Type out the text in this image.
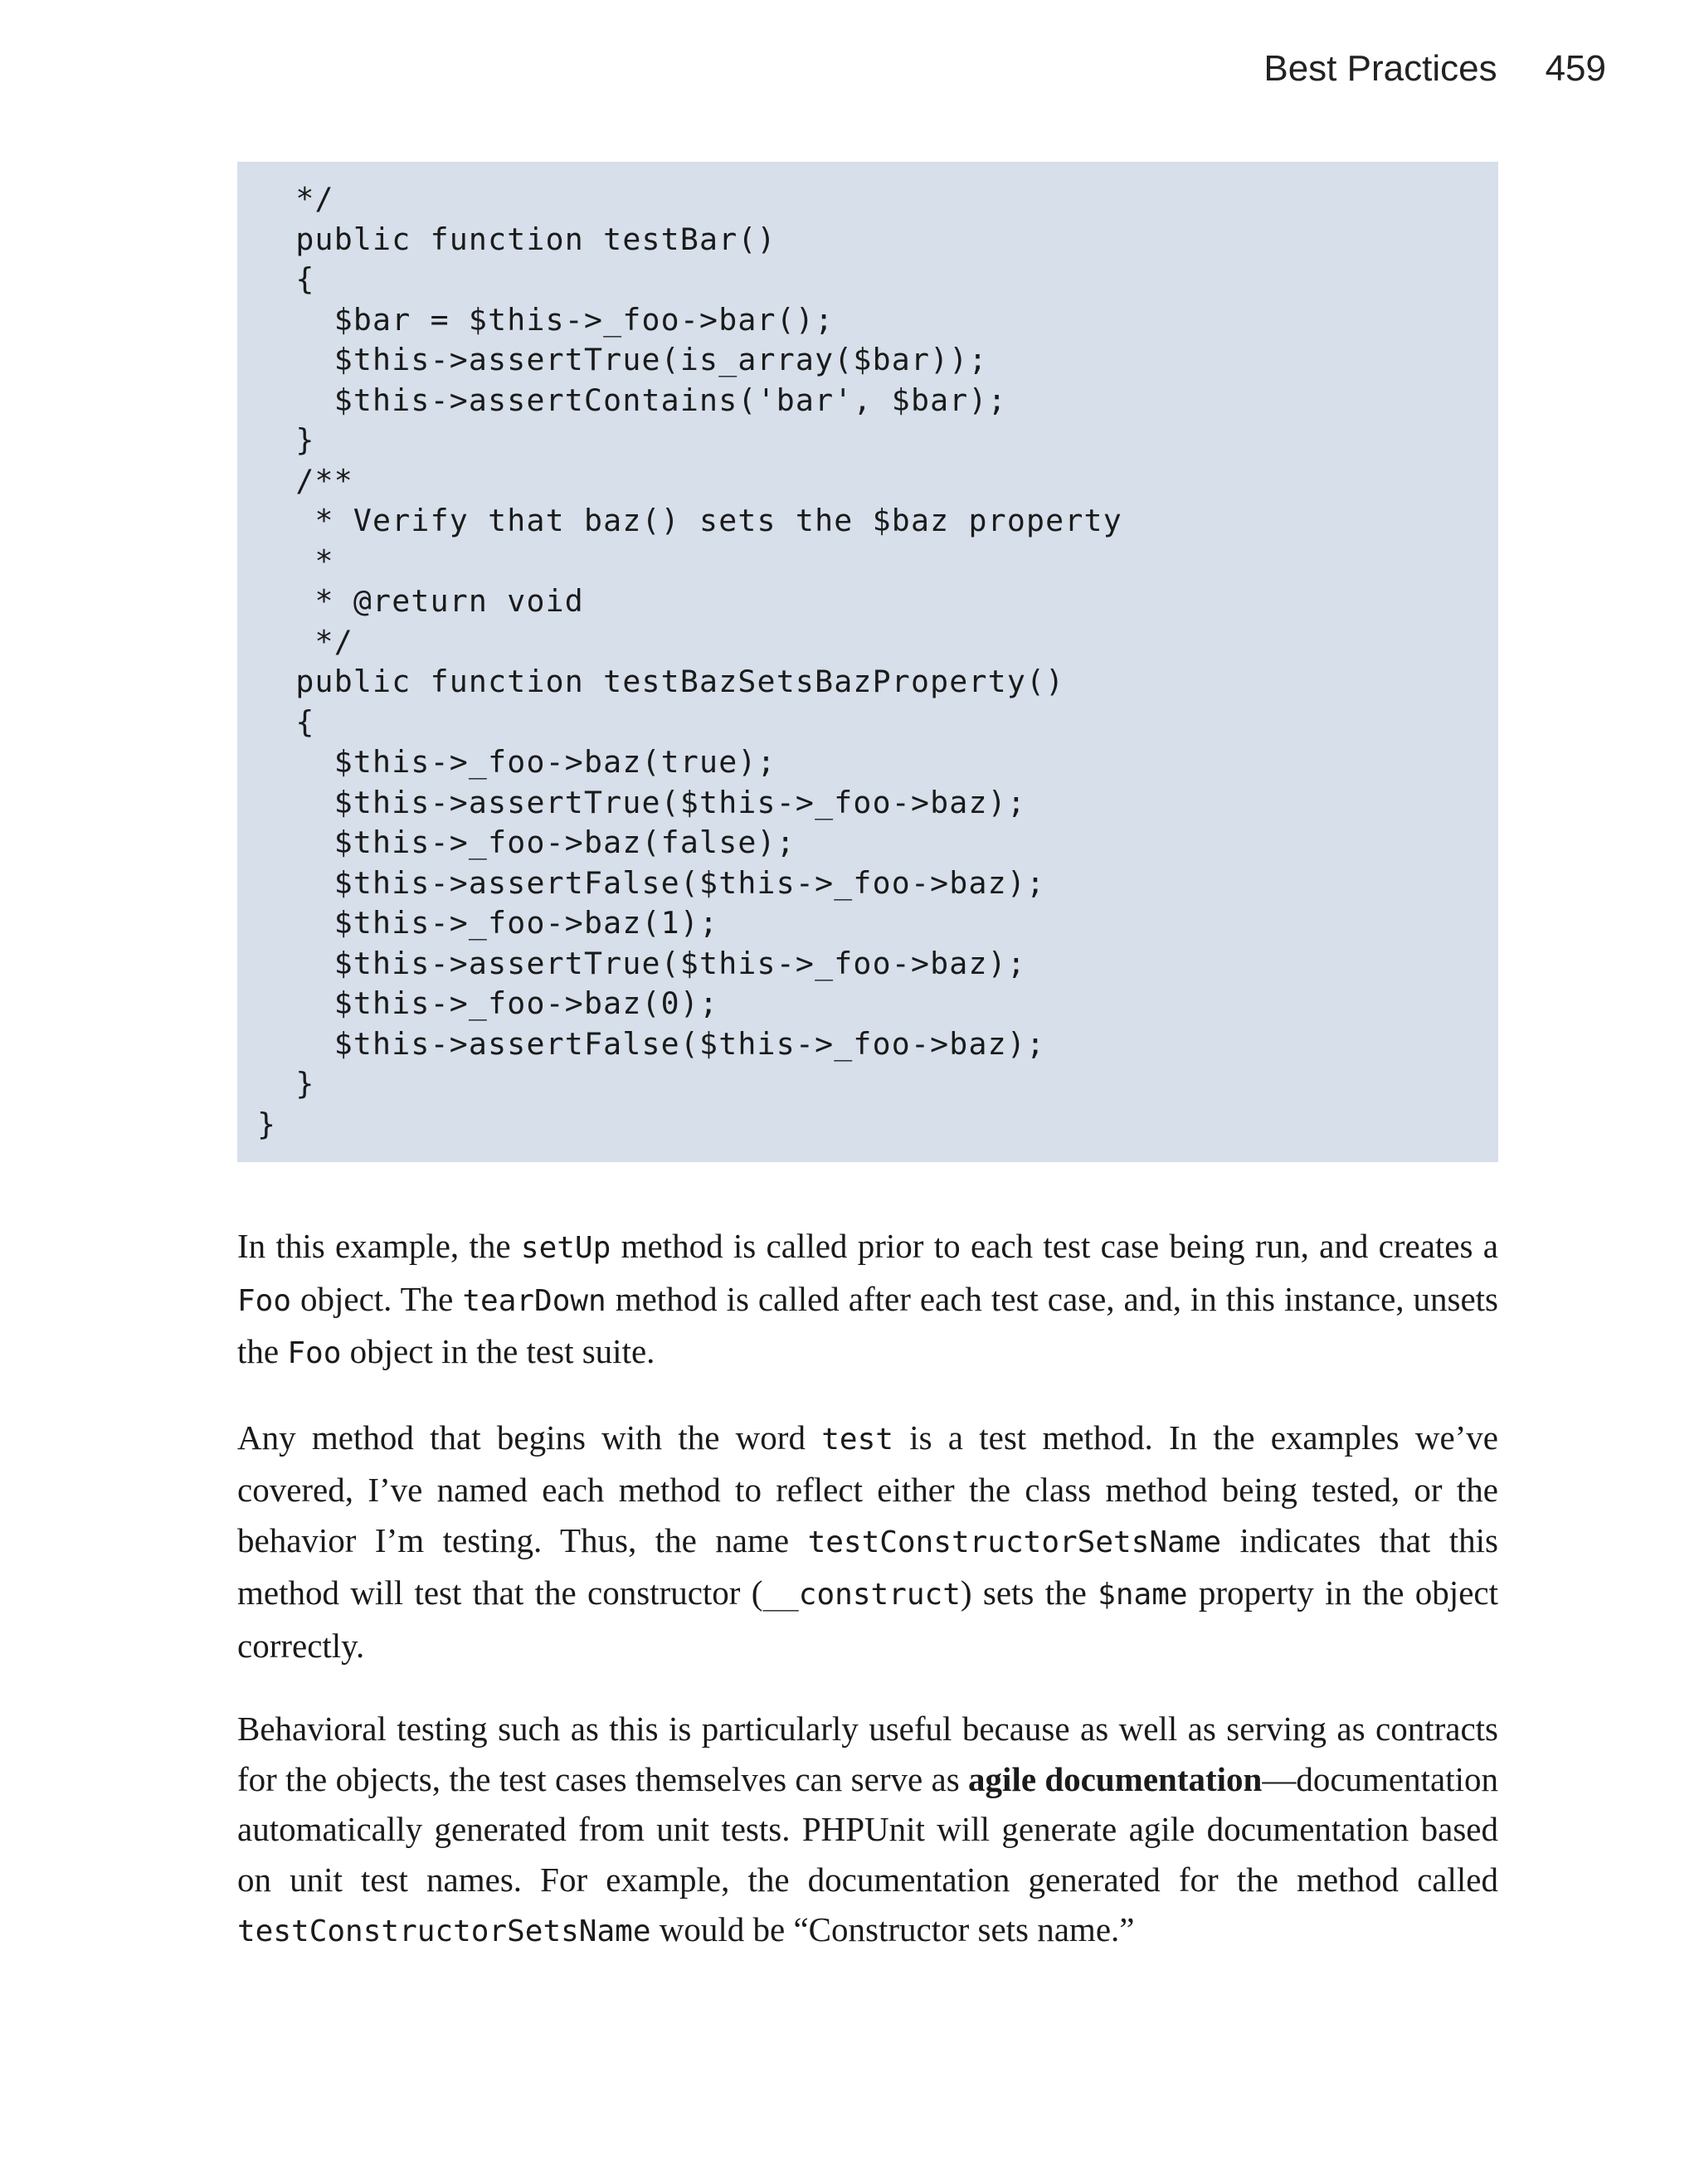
Best Practices 459
*/
public function testBar()
{
$bar = $this->_foo->bar();
$this->assertTrue(is_array($bar));
$this->assertContains('bar', $bar);
}
/**
* Verify that baz() sets the $baz property
*
* @return void
*/
public function testBazSetsBazProperty()
{
$this->_foo->baz(true);
$this->assertTrue($this->_foo->baz);
$this->_foo->baz(false);
$this->assertFalse($this->_foo->baz);
$this->_foo->baz(1);
$this->assertTrue($this->_foo->baz);
$this->_foo->baz(0);
$this->assertFalse($this->_foo->baz);
}
}

In this example, the setUp method is called prior to each test case being run, and creates a Foo object. The tearDown method is called after each test case, and, in this instance, unsets the Foo object in the test suite.

Any method that begins with the word test is a test method. In the examples we’ve covered, I’ve named each method to reflect either the class method being tested, or the behavior I’m testing. Thus, the name testConstructorSetsName indicates that this method will test that the constructor (__construct) sets the $name property in the object correctly.

Behavioral testing such as this is particularly useful because as well as serving as contracts for the objects, the test cases themselves can serve as agile documentation—documentation automatically generated from unit tests. PHPUnit will generate agile documentation based on unit test names. For example, the documentation generated for the method called testConstructorSetsName would be “Constructor sets name.”
